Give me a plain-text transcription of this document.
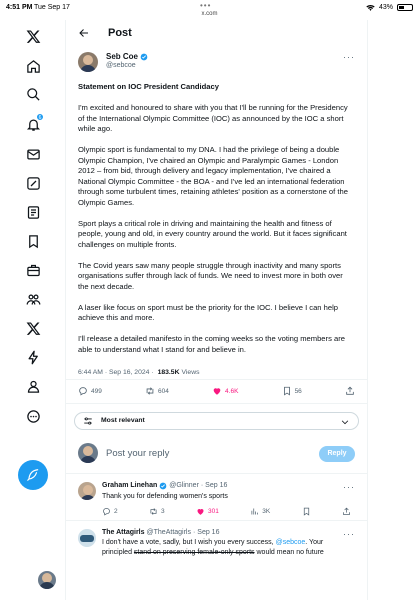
4:51 PM Tue Sep 17	•••
x.com
43%
6
Post
Seb Coe
@sebcoe
···

Statement on IOC President Candidacy

I'm excited and honoured to share with you that I'll be running for the Presidency of the International Olympic Committee (IOC) as announced by the IOC a short while ago.

Olympic sport is fundamental to my DNA. I had the privilege of being a double Olympic Champion, I've chaired an Olympic and Paralympic Games - London 2012 – from bid, through delivery and legacy implementation, I've chaired a National Olympic Committee - the BOA - and I've led an international federation through some turbulent times, retaining athletes' position as a cornerstone of the Olympic Games.

Sport plays a critical role in driving and maintaining the health and fitness of people, young and old, in every country around the world. But it faces significant challenges on multiple fronts.

The Covid years saw many people struggle through inactivity and many sports organisations suffer through lack of funds. We need to invest more in both over the next decade.

A laser like focus on sport must be the priority for the IOC. I believe I can help achieve this and more.

I'll release a detailed manifesto in the coming weeks so the voting members are able to understand what I stand for and believe in.

6:44 AM · Sep 16, 2024 · 183.5K Views
499	604	4.6K	56
Most relevant
Post your reply	Reply
Graham Linehan @Glinner · Sep 16
Thank you for defending women's sports
2	3	301	3K
···
The Attagirls @TheAttagirls · Sep 16
I don't have a vote, sadly, but I wish you every success, @sebcoe. Your principled stand on preserving female-only sports would mean no future
···
